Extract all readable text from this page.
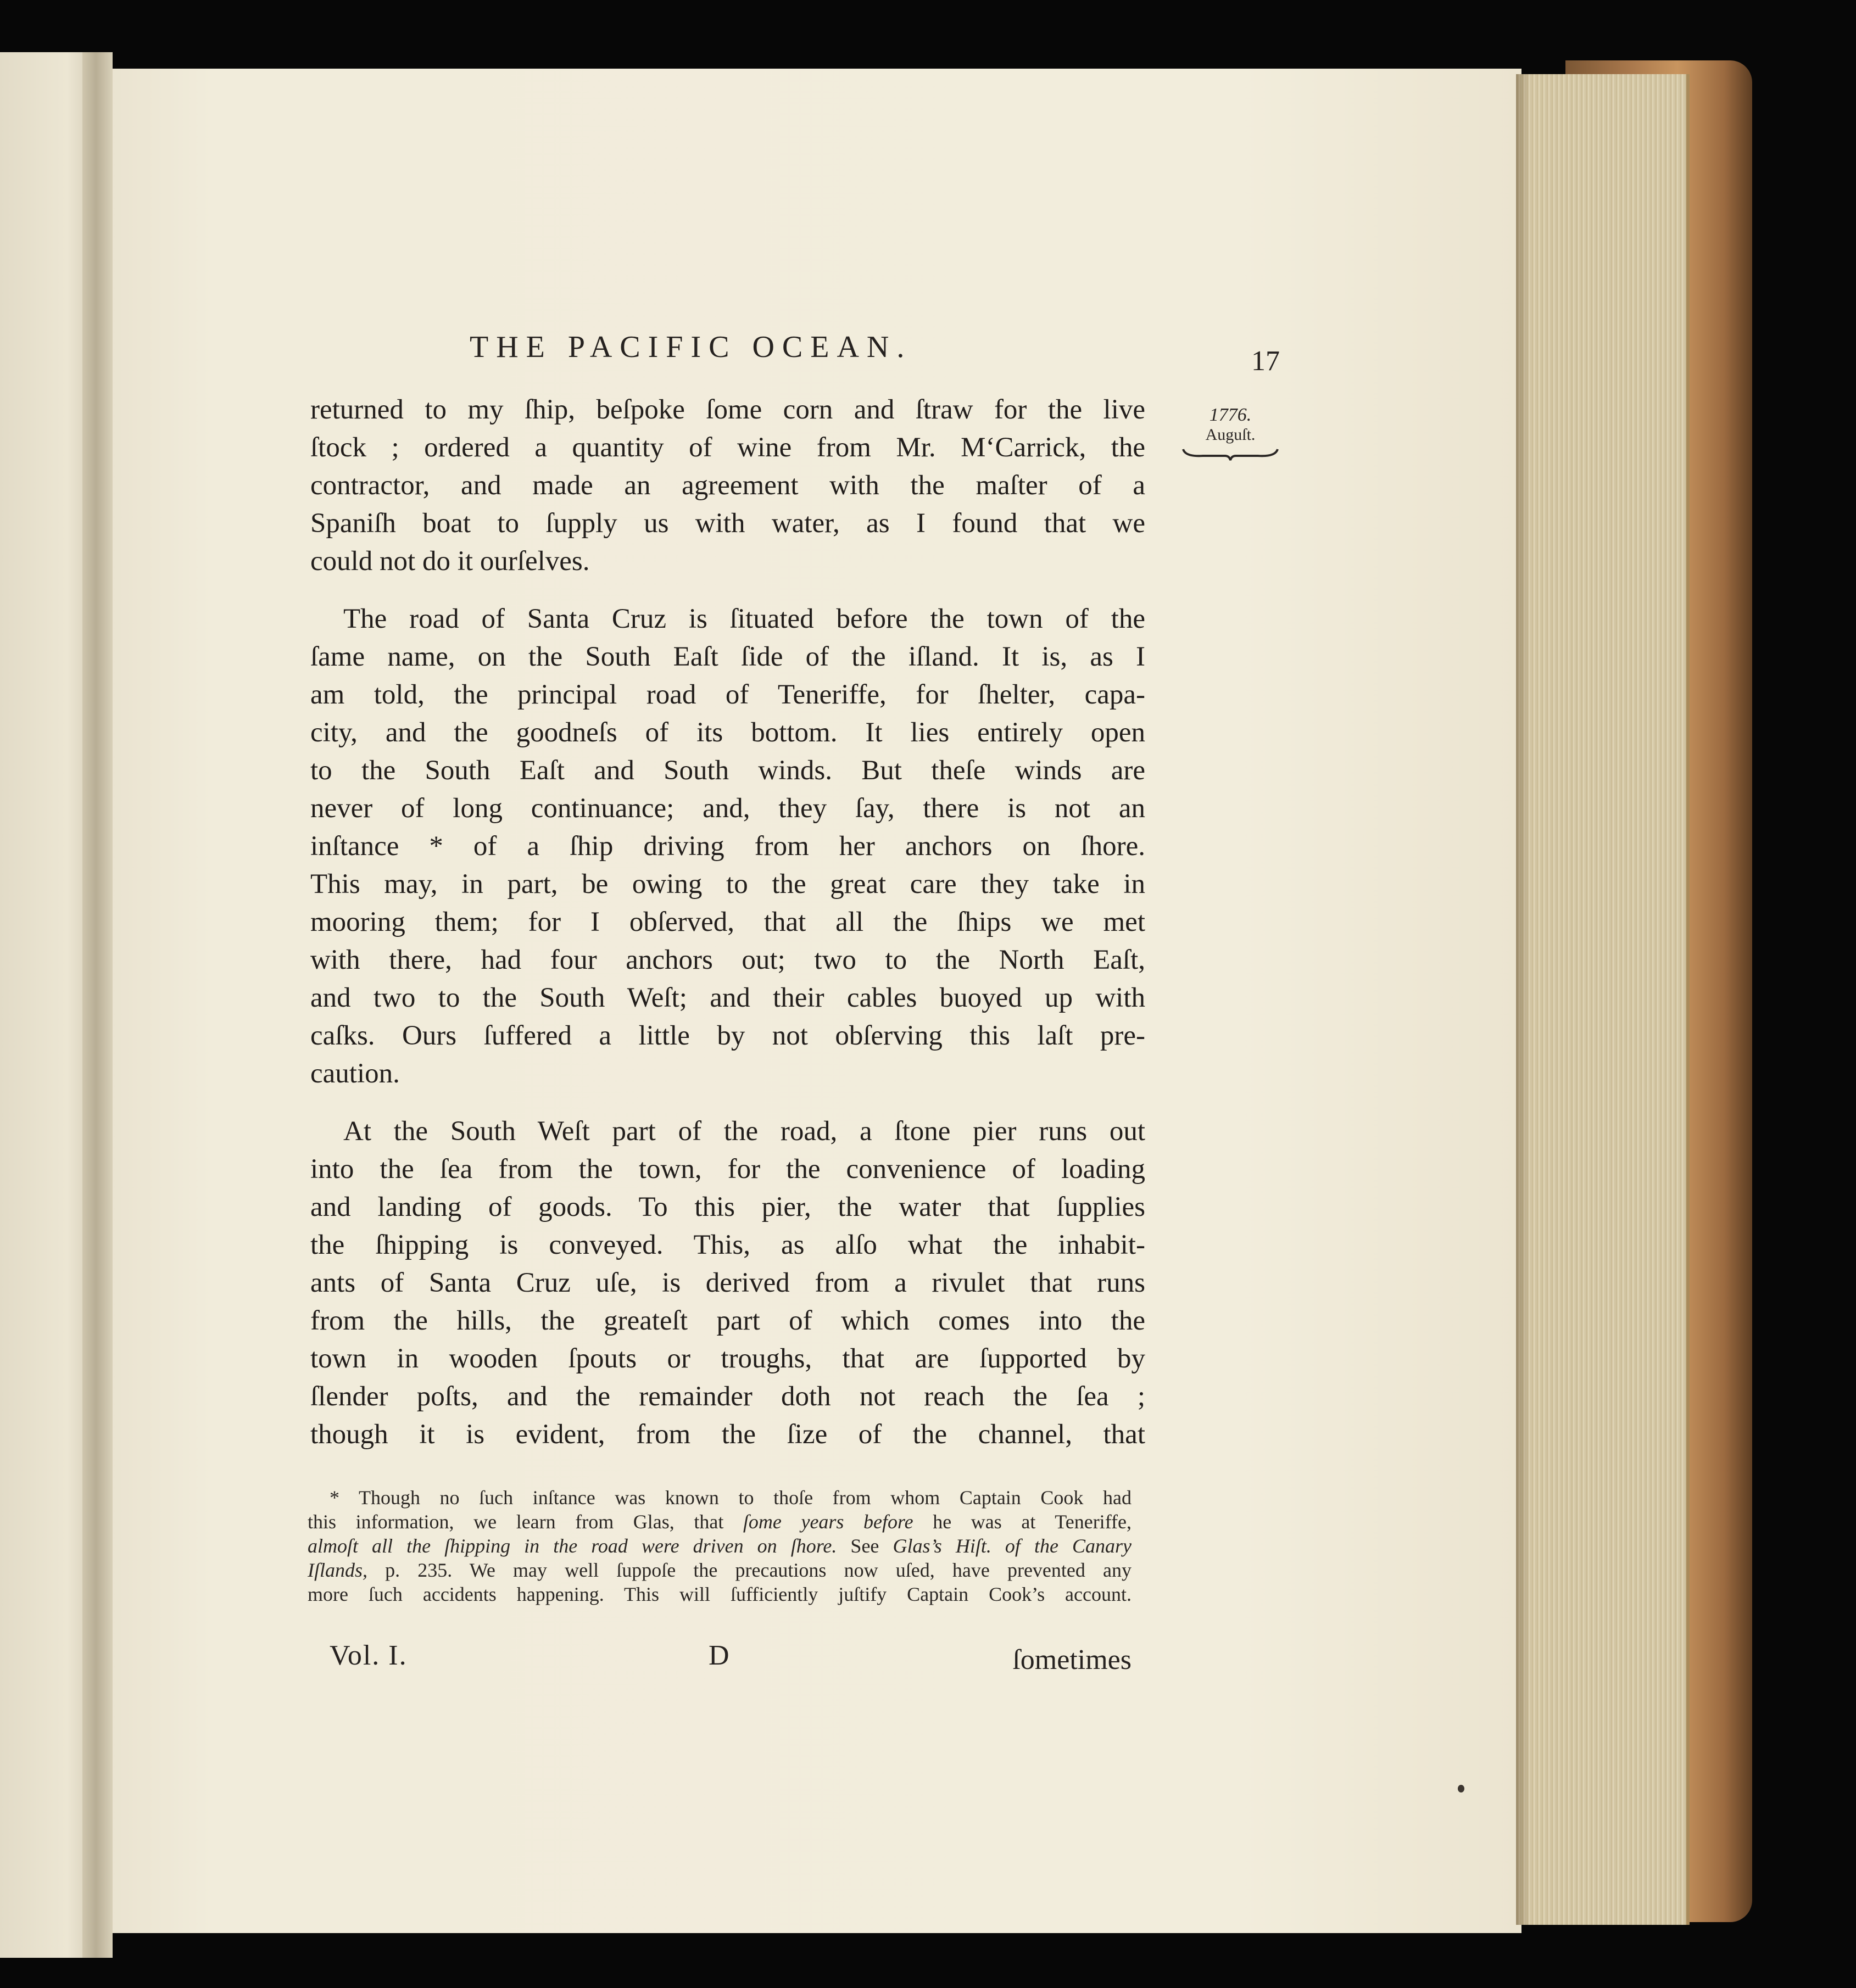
THE PACIFIC OCEAN.	17
1776.
Auguſt.
returned to my ſhip, beſpoke ſome corn and ſtraw for the live
ſtock ; ordered a quantity of wine from Mr. M‘Carrick, the
contractor, and made an agreement with the maſter of a
Spaniſh boat to ſupply us with water, as I found that we
could not do it ourſelves.
The road of Santa Cruz is ſituated before the town of the
ſame name, on the South Eaſt ſide of the iſland. It is, as I
am told, the principal road of Teneriffe, for ſhelter, capa-
city, and the goodneſs of its bottom. It lies entirely open
to the South Eaſt and South winds. But theſe winds are
never of long continuance; and, they ſay, there is not an
inſtance * of a ſhip driving from her anchors on ſhore.
This may, in part, be owing to the great care they take in
mooring them; for I obſerved, that all the ſhips we met
with there, had four anchors out; two to the North Eaſt,
and two to the South Weſt; and their cables buoyed up with
caſks. Ours ſuffered a little by not obſerving this laſt pre-
caution.
At the South Weſt part of the road, a ſtone pier runs out
into the ſea from the town, for the convenience of loading
and landing of goods. To this pier, the water that ſupplies
the ſhipping is conveyed. This, as alſo what the inhabit-
ants of Santa Cruz uſe, is derived from a rivulet that runs
from the hills, the greateſt part of which comes into the
town in wooden ſpouts or troughs, that are ſupported by
ſlender poſts, and the remainder doth not reach the ſea ;
though it is evident, from the ſize of the channel, that
* Though no ſuch inſtance was known to thoſe from whom Captain Cook had
this information, we learn from Glas, that ſome years before he was at Teneriffe,
almoſt all the ſhipping in the road were driven on ſhore. See Glas’s Hiſt. of the Canary
Iſlands, p. 235. We may well ſuppoſe the precautions now uſed, have prevented any
more ſuch accidents happening. This will ſufficiently juſtify Captain Cook’s account.
Vol. I.	D	ſometimes
